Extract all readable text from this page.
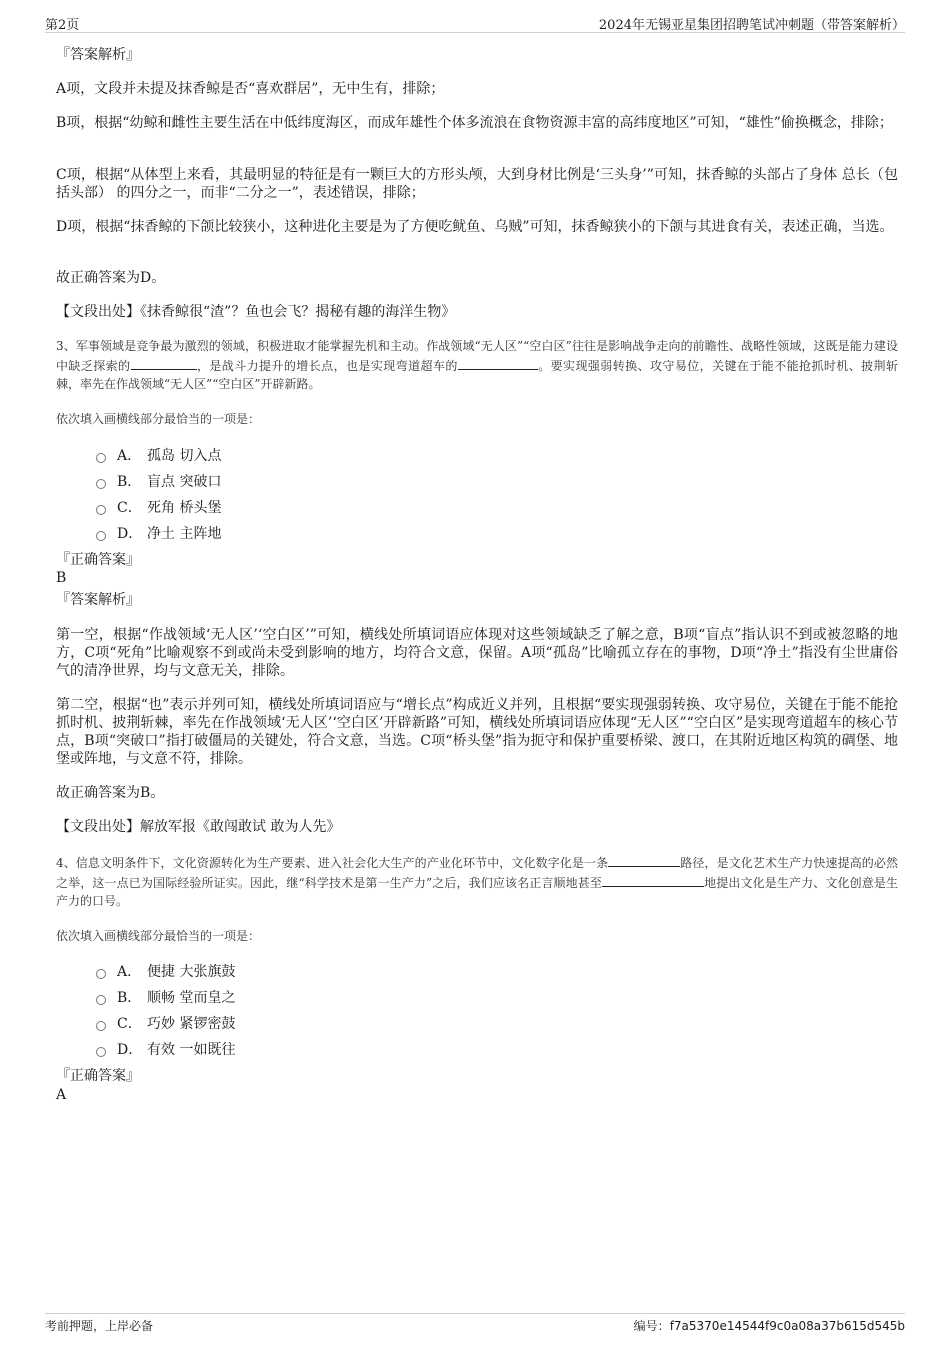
第2页	2024年无锡亚星集团招聘笔试冲刺题（带答案解析）
『答案解析』
A项，文段并未提及抹香鲸是否“喜欢群居”，无中生有，排除；
B项，根据“幼鲸和雌性主要生活在中低纬度海区，而成年雄性个体多流浪在食物资源丰富的高纬度地区”可知，“雄性”偷换概念，排除；
C项，根据“从体型上来看，其最明显的特征是有一颗巨大的方形头颅，大到身材比例是‘三头身’”可知，抹香鲸的头部占了身体 总长（包括头部） 的四分之一，而非“二分之一”，表述错误，排除；
D项，根据“抹香鲸的下颌比较狭小，这种进化主要是为了方便吃鱿鱼、乌贼”可知，抹香鲸狭小的下颌与其进食有关，表述正确，当选。
故正确答案为D。
【文段出处】《抹香鲸很“渣”？鱼也会飞？揭秘有趣的海洋生物》
3、军事领域是竞争最为激烈的领域，积极进取才能掌握先机和主动。作战领域“无人区”“空白区”往往是影响战争走向的前瞻性、战略性领域，这既是能力建设中缺乏探索的	，是战斗力提升的增长点，也是实现弯道超车的	。要实现强弱转换、攻守易位，关键在于能不能抢抓时机、披荆斩棘，率先在作战领域“无人区”“空白区”开辟新路。
依次填入画横线部分最恰当的一项是：
A． 孤岛 切入点
B． 盲点 突破口
C． 死角 桥头堡
D． 净土 主阵地
『正确答案』
B
『答案解析』
第一空，根据“作战领域‘无人区’‘空白区’”可知，横线处所填词语应体现对这些领域缺乏了解之意，B项“盲点”指认识不到或被忽略的地方，C项“死角”比喻观察不到或尚未受到影响的地方，均符合文意，保留。A项“孤岛”比喻孤立存在的事物，D项“净土”指没有尘世庸俗气的清净世界，均与文意无关，排除。
第二空，根据“也”表示并列可知，横线处所填词语应与“增长点”构成近义并列，且根据“要实现强弱转换、攻守易位，关键在于能不能抢抓时机、披荆斩棘，率先在作战领域‘无人区’‘空白区’开辟新路”可知，横线处所填词语应体现“无人区”“空白区”是实现弯道超车的核心节点，B项“突破口”指打破僵局的关键处，符合文意，当选。C项“桥头堡”指为扼守和保护重要桥梁、渡口，在其附近地区构筑的碉堡、地堡或阵地，与文意不符，排除。
故正确答案为B。
【文段出处】解放军报《敢闯敢试 敢为人先》
4、信息文明条件下，文化资源转化为生产要素、进入社会化大生产的产业化环节中，文化数字化是一条	路径，是文化艺术生产力快速提高的必然之举，这一点已为国际经验所证实。因此，继“科学技术是第一生产力”之后，我们应该名正言顺地甚至	地提出文化是生产力、文化创意是生产力的口号。
依次填入画横线部分最恰当的一项是：
A． 便捷 大张旗鼓
B． 顺畅 堂而皇之
C． 巧妙 紧锣密鼓
D． 有效 一如既往
『正确答案』
A
考前押题，上岸必备	编号：f7a5370e14544f9c0a08a37b615d545b
